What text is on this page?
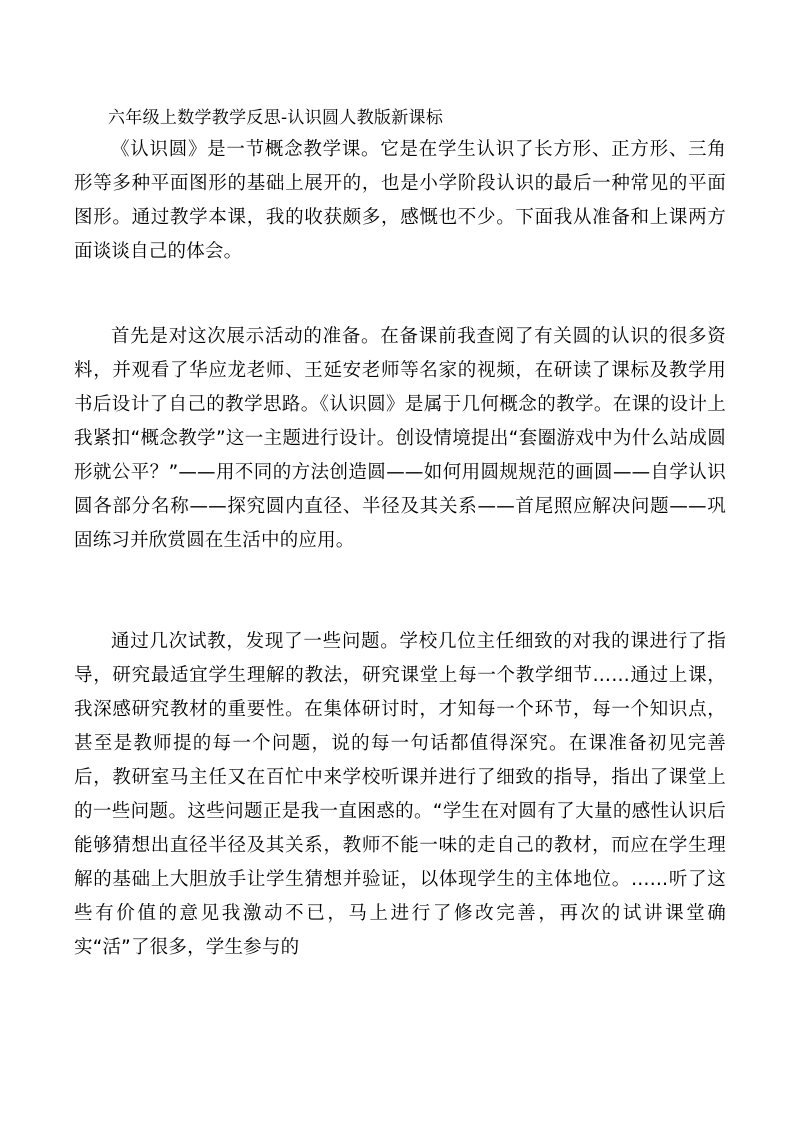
六年级上数学教学反思-认识圆人教版新课标

《认识圆》是一节概念教学课。它是在学生认识了长方形、正方形、三角形等多种平面图形的基础上展开的，也是小学阶段认识的最后一种常见的平面图形。通过教学本课，我的收获颇多，感慨也不少。下面我从准备和上课两方面谈谈自己的体会。

首先是对这次展示活动的准备。在备课前我查阅了有关圆的认识的很多资料，并观看了华应龙老师、王延安老师等名家的视频，在研读了课标及教学用书后设计了自己的教学思路。《认识圆》是属于几何概念的教学。在课的设计上我紧扣“概念教学”这一主题进行设计。创设情境提出“套圈游戏中为什么站成圆形就公平？”——用不同的方法创造圆——如何用圆规规范的画圆——自学认识圆各部分名称——探究圆内直径、半径及其关系——首尾照应解决问题——巩固练习并欣赏圆在生活中的应用。

通过几次试教，发现了一些问题。学校几位主任细致的对我的课进行了指导，研究最适宜学生理解的教法，研究课堂上每一个教学细节……通过上课，我深感研究教材的重要性。在集体研讨时，才知每一个环节，每一个知识点，甚至是教师提的每一个问题，说的每一句话都值得深究。在课准备初见完善后，教研室马主任又在百忙中来学校听课并进行了细致的指导，指出了课堂上的一些问题。这些问题正是我一直困惑的。“学生在对圆有了大量的感性认识后能够猜想出直径半径及其关系，教师不能一味的走自己的教材，而应在学生理解的基础上大胆放手让学生猜想并验证，以体现学生的主体地位。……听了这些有价值的意见我激动不已，马上进行了修改完善，再次的试讲课堂确实“活”了很多，学生参与的
